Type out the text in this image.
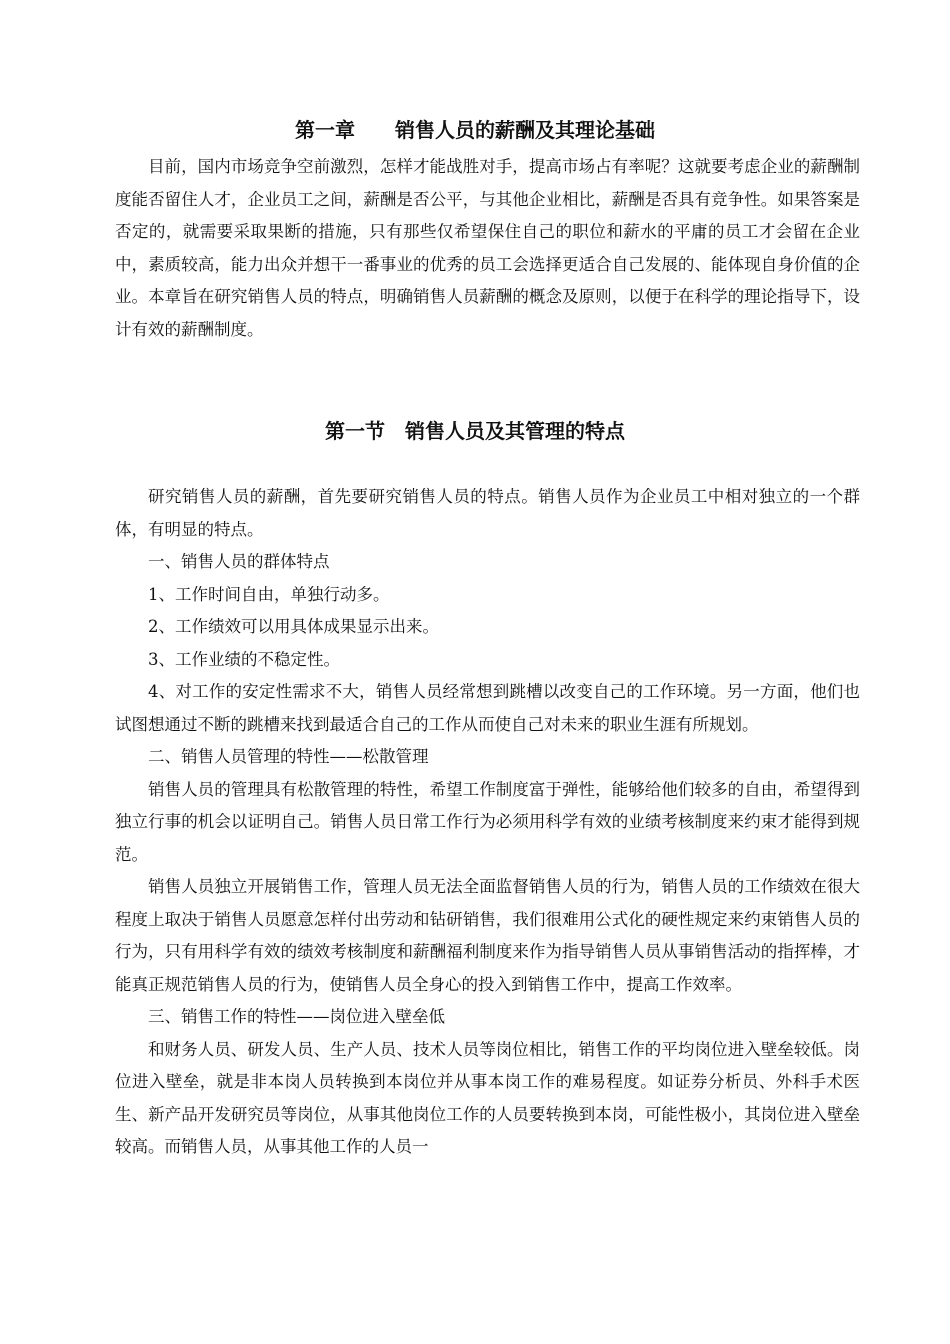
第一章　　销售人员的薪酬及其理论基础

目前，国内市场竞争空前激烈，怎样才能战胜对手，提高市场占有率呢？这就要考虑企业的薪酬制度能否留住人才，企业员工之间，薪酬是否公平，与其他企业相比，薪酬是否具有竞争性。如果答案是否定的，就需要采取果断的措施，只有那些仅希望保住自己的职位和薪水的平庸的员工才会留在企业中，素质较高，能力出众并想干一番事业的优秀的员工会选择更适合自己发展的、能体现自身价值的企业。本章旨在研究销售人员的特点，明确销售人员薪酬的概念及原则，以便于在科学的理论指导下，设计有效的薪酬制度。

第一节　销售人员及其管理的特点

研究销售人员的薪酬，首先要研究销售人员的特点。销售人员作为企业员工中相对独立的一个群体，有明显的特点。

一、销售人员的群体特点

1、工作时间自由，单独行动多。

2、工作绩效可以用具体成果显示出来。

3、工作业绩的不稳定性。

4、对工作的安定性需求不大，销售人员经常想到跳槽以改变自己的工作环境。另一方面，他们也试图想通过不断的跳槽来找到最适合自己的工作从而使自己对未来的职业生涯有所规划。

二、销售人员管理的特性——松散管理

销售人员的管理具有松散管理的特性，希望工作制度富于弹性，能够给他们较多的自由，希望得到独立行事的机会以证明自己。销售人员日常工作行为必须用科学有效的业绩考核制度来约束才能得到规范。

销售人员独立开展销售工作，管理人员无法全面监督销售人员的行为，销售人员的工作绩效在很大程度上取决于销售人员愿意怎样付出劳动和钻研销售，我们很难用公式化的硬性规定来约束销售人员的行为，只有用科学有效的绩效考核制度和薪酬福利制度来作为指导销售人员从事销售活动的指挥棒，才能真正规范销售人员的行为，使销售人员全身心的投入到销售工作中，提高工作效率。

三、销售工作的特性——岗位进入壁垒低

和财务人员、研发人员、生产人员、技术人员等岗位相比，销售工作的平均岗位进入壁垒较低。岗位进入壁垒，就是非本岗人员转换到本岗位并从事本岗工作的难易程度。如证券分析员、外科手术医生、新产品开发研究员等岗位，从事其他岗位工作的人员要转换到本岗，可能性极小，其岗位进入壁垒较高。而销售人员，从事其他工作的人员一
